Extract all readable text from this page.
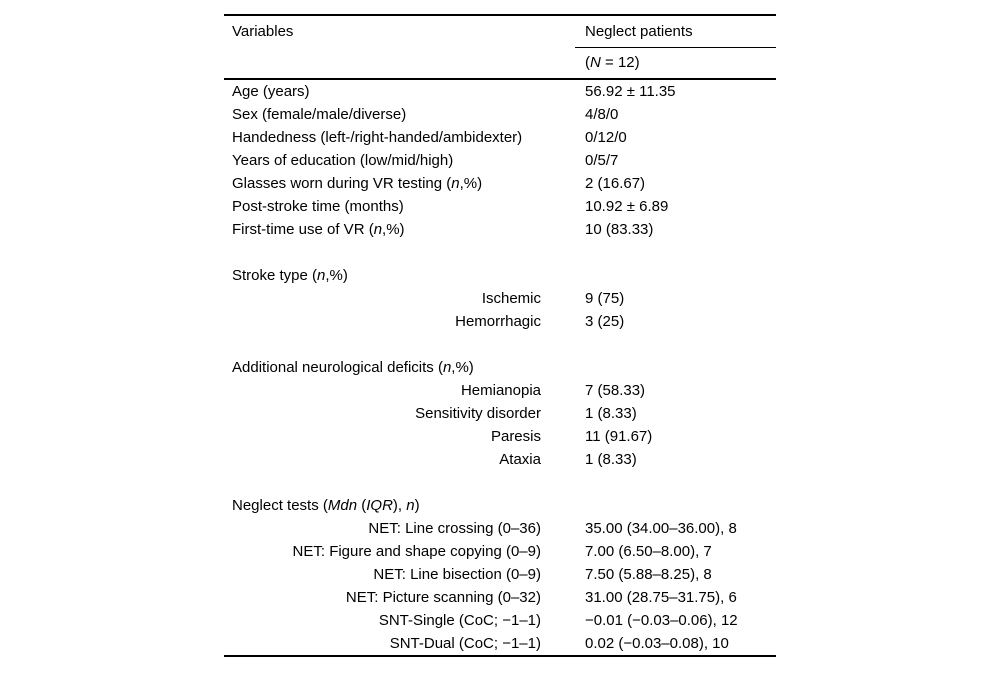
Variables	Neglect patients
(N = 12)
Age (years)	56.92 ± 11.35
Sex (female/male/diverse)	4/8/0
Handedness (left-/right-handed/ambidexter)	0/12/0
Years of education (low/mid/high)	0/5/7
Glasses worn during VR testing (n,%)	2 (16.67)
Post-stroke time (months)	10.92 ± 6.89
First-time use of VR (n,%)	10 (83.33)
Stroke type (n,%)
Ischemic	9 (75)
Hemorrhagic	3 (25)
Additional neurological deficits (n,%)
Hemianopia	7 (58.33)
Sensitivity disorder	1 (8.33)
Paresis	11 (91.67)
Ataxia	1 (8.33)
Neglect tests (Mdn (IQR), n)
NET: Line crossing (0–36)	35.00 (34.00–36.00), 8
NET: Figure and shape copying (0–9)	7.00 (6.50–8.00), 7
NET: Line bisection (0–9)	7.50 (5.88–8.25), 8
NET: Picture scanning (0–32)	31.00 (28.75–31.75), 6
SNT-Single (CoC; −1–1)	−0.01 (−0.03–0.06), 12
SNT-Dual (CoC; −1–1)	0.02 (−0.03–0.08), 10
